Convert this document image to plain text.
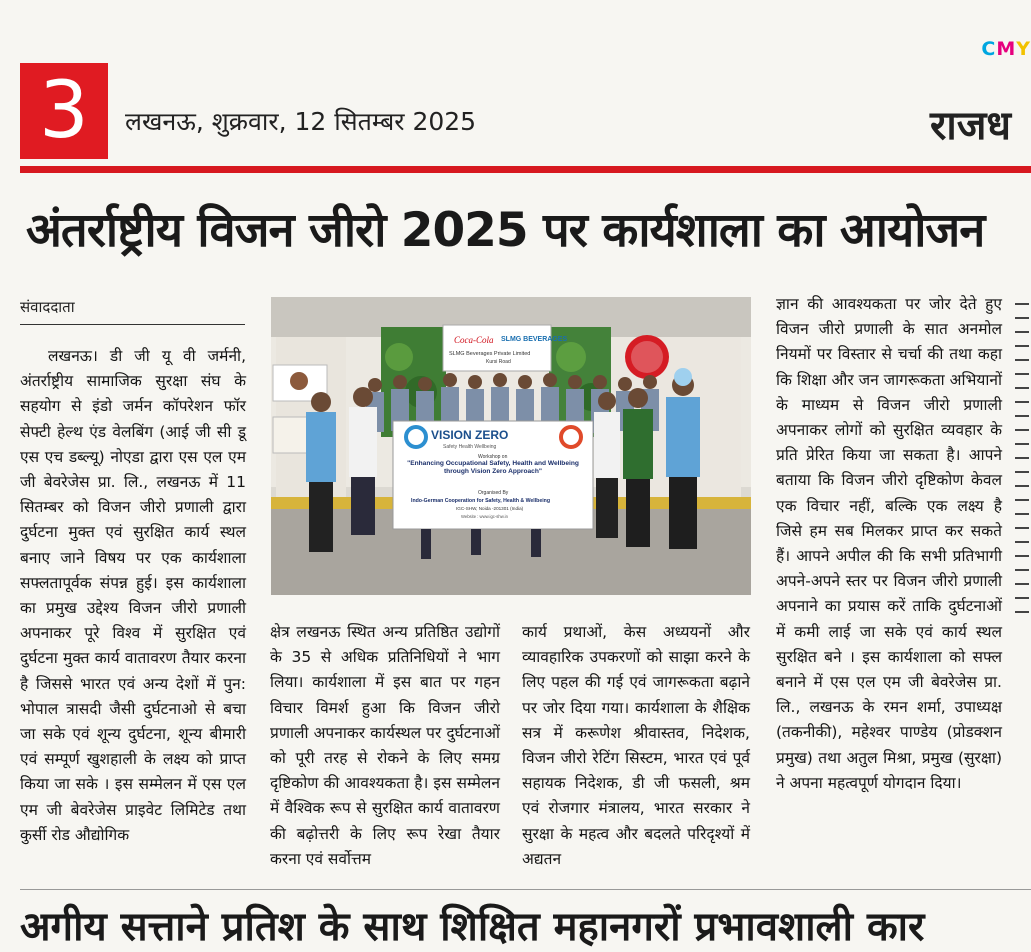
CMY
3	लखनऊ, शुक्रवार, 12 सितम्बर 2025	राजध
अंतर्राष्ट्रीय विजन जीरो 2025 पर कार्यशाला का आयोजन
संवाददाता

लखनऊ। डी जी यू वी जर्मनी, अंतर्राष्ट्रीय सामाजिक सुरक्षा संघ के सहयोग से इंडो जर्मन कॉपरेशन फॉर सेफ्टी हेल्थ एंड वेलबिंग (आई जी सी डू एस एच डब्ल्यू) नोएडा द्वारा एस एल एम जी बेवरेजेस प्रा. लि., लखनऊ में 11 सितम्बर को विजन जीरो प्रणाली द्वारा दुर्घटना मुक्त एवं सुरक्षित कार्य स्थल बनाए जाने विषय पर एक कार्यशाला सफ्लतापूर्वक संपन्न हुई। इस कार्यशाला का प्रमुख उद्देश्य विजन जीरो प्रणाली अपनाकर पूरे विश्व में सुरक्षित एवं दुर्घटना मुक्त कार्य वातावरण तैयार करना है जिससे भारत एवं अन्य देशों में पुन: भोपाल त्रासदी जैसी दुर्घटनाओ से बचा जा सके एवं शून्य दुर्घटना, शून्य बीमारी एवं सम्पूर्ण खुशहाली के लक्ष्य को प्राप्त किया जा सके । इस सम्मेलन में एस एल एम जी बेवरेजेस प्राइवेट लिमिटेड तथा कुर्सी रोड औद्योगिक

Coca-Cola SLMG BEVERAGES
SLMG Beverages Private Limited
Kursi Road
VISION ZERO
Safety Health Wellbeing
Workshop on
"Enhancing Occupational Safety, Health and Wellbeing through Vision Zero Approach"
Organised By
Indo-German Cooperation for Safety, Health & Wellbeing
IGC-SHW, Noida -201301 (India)
Website : www.igc-shw.in

क्षेत्र लखनऊ स्थित अन्य प्रतिष्ठित उद्योगों के 35 से अधिक प्रतिनिधियों ने भाग लिया। कार्यशाला में इस बात पर गहन विचार विमर्श हुआ कि विजन जीरो प्रणाली अपनाकर कार्यस्थल पर दुर्घटनाओं को पूरी तरह से रोकने के लिए समग्र दृष्टिकोण की आवश्यकता है। इस सम्मेलन में वैश्विक रूप से सुरक्षित कार्य वातावरण की बढ़ोत्तरी के लिए रूप रेखा तैयार करना एवं सर्वोत्तम

कार्य प्रथाओं, केस अध्ययनों और व्यावहारिक उपकरणों को साझा करने के लिए पहल की गई एवं जागरूकता बढ़ाने पर जोर दिया गया। कार्यशाला के शैक्षिक सत्र में करूणेश श्रीवास्तव, निदेशक, विजन जीरो रेटिंग सिस्टम, भारत एवं पूर्व सहायक निदेशक, डी जी फसली, श्रम एवं रोजगार मंत्रालय, भारत सरकार ने सुरक्षा के महत्व और बदलते परिदृश्यों में अद्यतन

ज्ञान की आवश्यकता पर जोर देते हुए विजन जीरो प्रणाली के सात अनमोल नियमों पर विस्तार से चर्चा की तथा कहा कि शिक्षा और जन जागरूकता अभियानों के माध्यम से विजन जीरो प्रणाली अपनाकर लोगों को सुरक्षित व्यवहार के प्रति प्रेरित किया जा सकता है। आपने बताया कि विजन जीरो दृष्टिकोण केवल एक विचार नहीं, बल्कि एक लक्ष्य है जिसे हम सब मिलकर प्राप्त कर सकते हैं। आपने अपील की कि सभी प्रतिभागी अपने-अपने स्तर पर विजन जीरो प्रणाली अपनाने का प्रयास करें ताकि दुर्घटनाओं में कमी लाई जा सके एवं कार्य स्थल सुरक्षित बने । इस कार्यशाला को सफ्ल बनाने में एस एल एम जी बेवरेजेस प्रा. लि., लखनऊ के रमन शर्मा, उपाध्यक्ष (तकनीकी), महेश्वर पाण्डेय (प्रोडक्शन प्रमुख) तथा अतुल मिश्रा, प्रमुख (सुरक्षा) ने अपना महत्वपूर्ण योगदान दिया।

अगीय सत्ताने प्रतिश के साथ शिक्षित महानगरों प्रभावशाली कार
